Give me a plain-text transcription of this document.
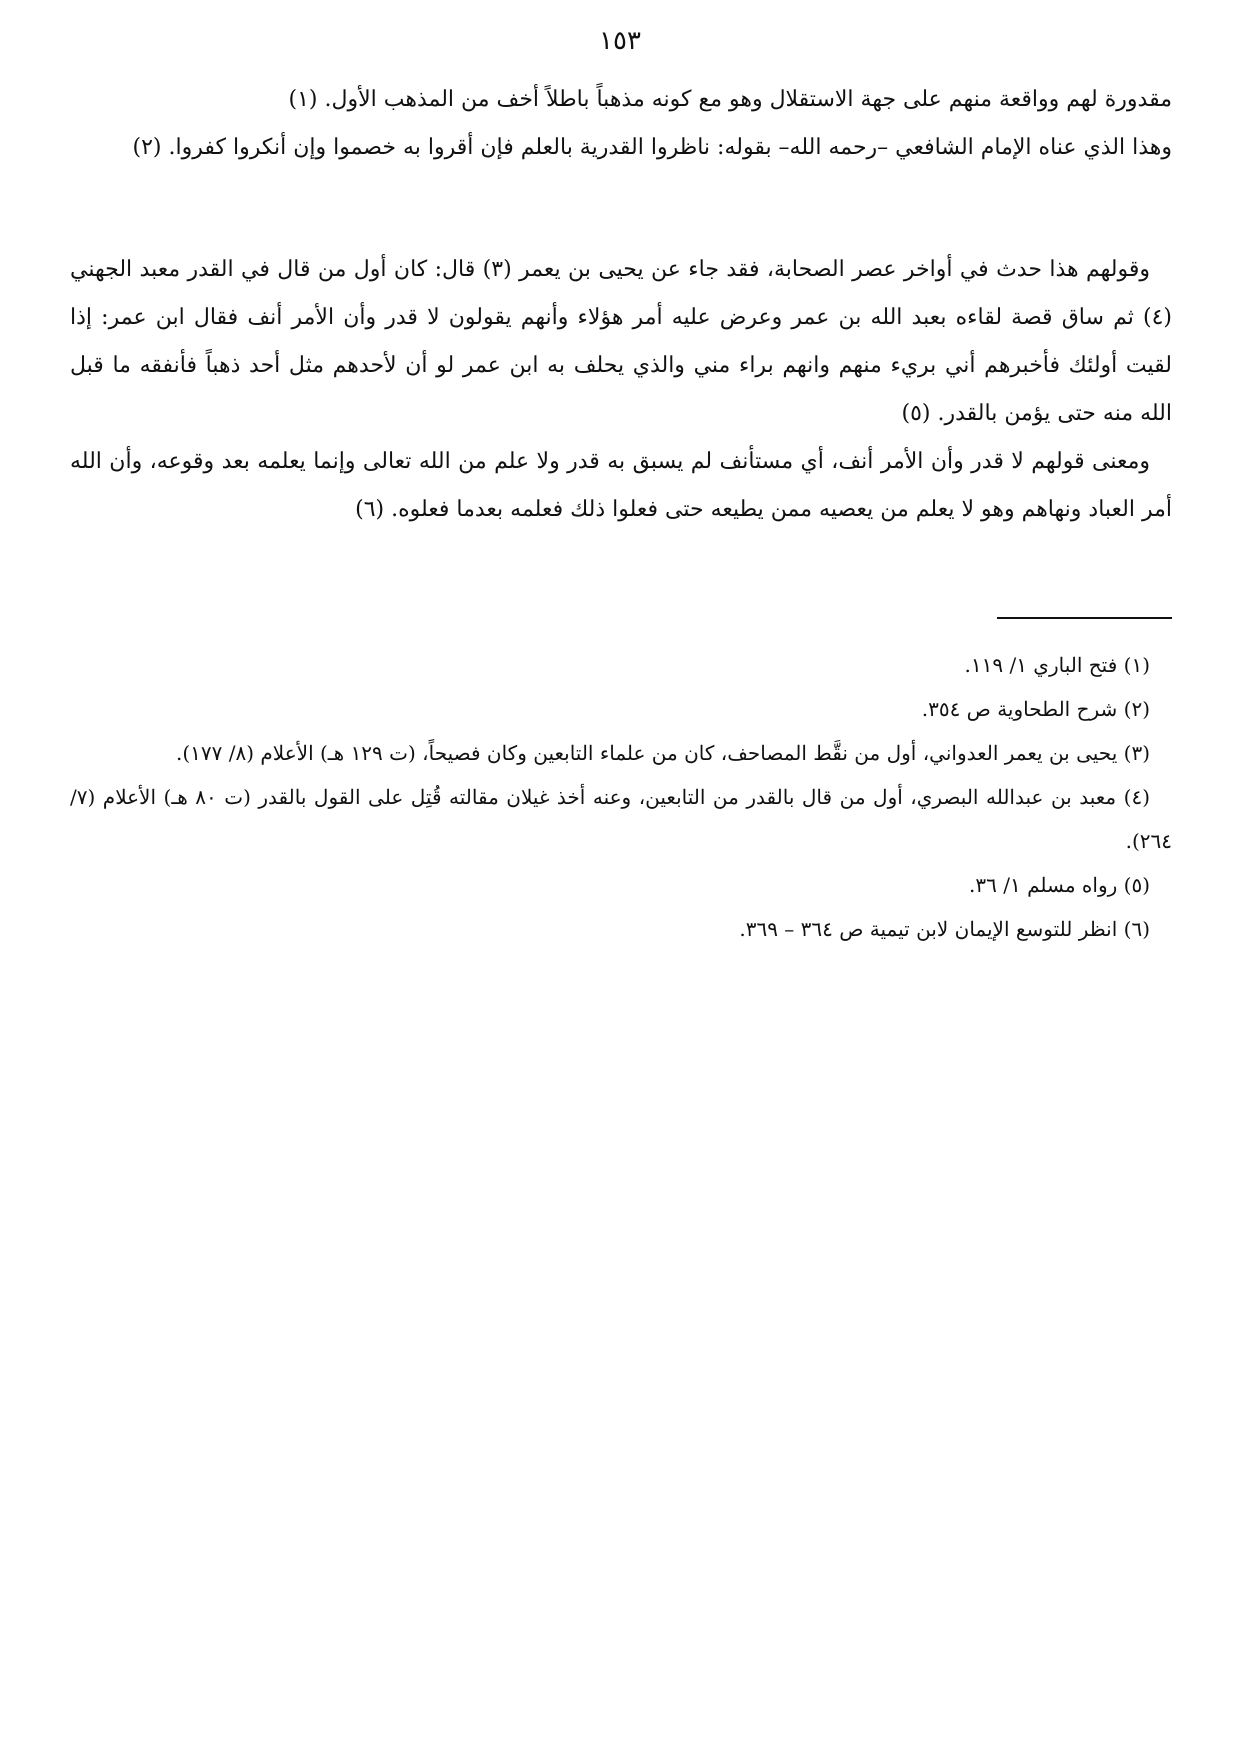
١٥٣

مقدورة لهم وواقعة منهم على جهة الاستقلال وهو مع كونه مذهباً باطلاً أخف من المذهب الأول. (١)

وهذا الذي عناه الإمام الشافعي –رحمه الله– بقوله: ناظروا القدرية بالعلم فإن أقروا به خصموا وإن أنكروا كفروا. (٢)

وقولهم هذا حدث في أواخر عصر الصحابة، فقد جاء عن يحيى بن يعمر (٣) قال: كان أول من قال في القدر معبد الجهني (٤) ثم ساق قصة لقاءه بعبد الله بن عمر وعرض عليه أمر هؤلاء وأنهم يقولون لا قدر وأن الأمر أنف فقال ابن عمر: إذا لقيت أولئك فأخبرهم أني بريء منهم وانهم براء مني والذي يحلف به ابن عمر لو أن لأحدهم مثل أحد ذهباً فأنفقه ما قبل الله منه حتى يؤمن بالقدر. (٥)

ومعنى قولهم لا قدر وأن الأمر أنف، أي مستأنف لم يسبق به قدر ولا علم من الله تعالى وإنما يعلمه بعد وقوعه، وأن الله أمر العباد ونهاهم وهو لا يعلم من يعصيه ممن يطيعه حتى فعلوا ذلك فعلمه بعدما فعلوه. (٦)

(١) فتح الباري ١/ ١١٩.

(٢) شرح الطحاوية ص ٣٥٤.

(٣) يحيى بن يعمر العدواني، أول من نقَّط المصاحف، كان من علماء التابعين وكان فصيحاً، (ت ١٢٩ هـ) الأعلام (٨/ ١٧٧).

(٤) معبد بن عبدالله البصري، أول من قال بالقدر من التابعين، وعنه أخذ غيلان مقالته قُتِل على القول بالقدر (ت ٨٠ هـ) الأعلام (٧/ ٢٦٤).

(٥) رواه مسلم ١/ ٣٦.

(٦) انظر للتوسع الإيمان لابن تيمية ص ٣٦٤ – ٣٦٩.
